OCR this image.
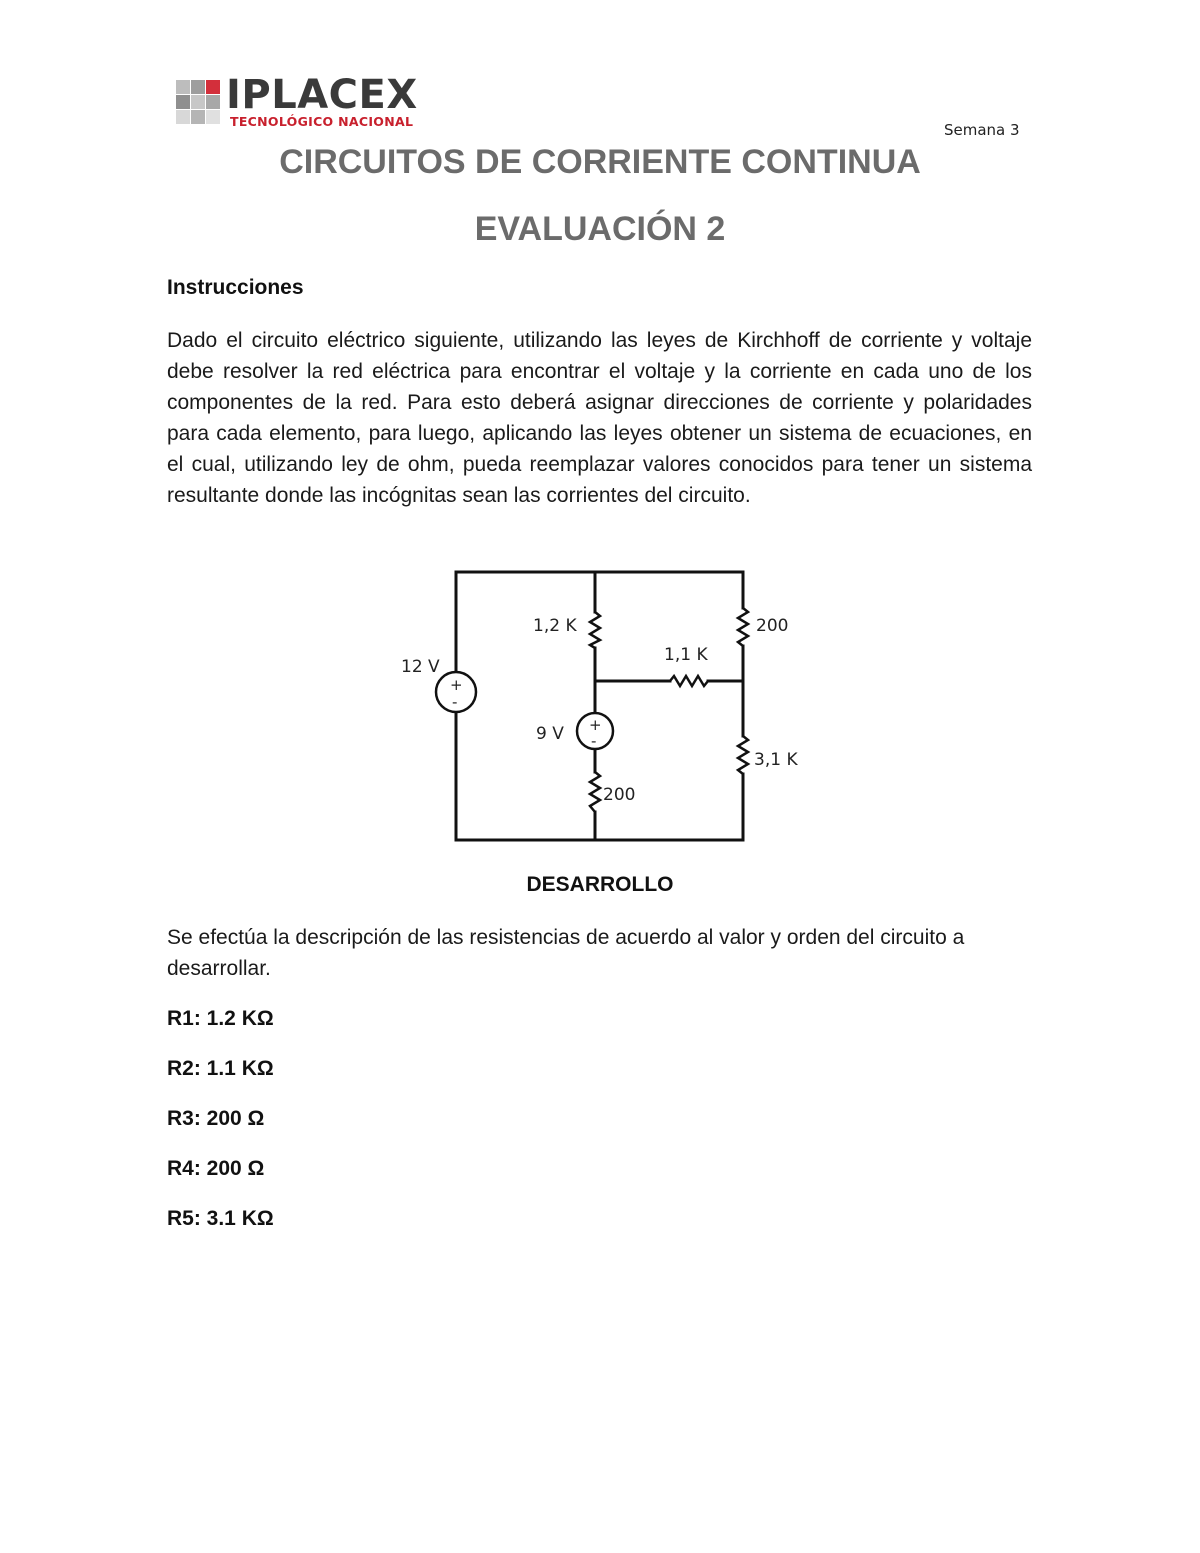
IPLACEX
TECNOLÓGICO NACIONAL	Semana 3
CIRCUITOS DE CORRIENTE CONTINUA
EVALUACIÓN 2
Instrucciones
Dado el circuito eléctrico siguiente, utilizando las leyes de Kirchhoff de corriente y voltaje debe resolver la red eléctrica para encontrar el voltaje y la corriente en cada uno de los componentes de la red. Para esto deberá asignar direcciones de corriente y polaridades para cada elemento, para luego, aplicando las leyes obtener un sistema de ecuaciones, en el cual, utilizando ley de ohm, pueda reemplazar valores conocidos para tener un sistema resultante donde las incógnitas sean las corrientes del circuito.
+
-
+
-
12 V
1,2 K	200
1,1 K
9 V
3,1 K
200
DESARROLLO
Se efectúa la descripción de las resistencias de acuerdo al valor y orden del circuito a desarrollar.
R1: 1.2 KΩ
R2: 1.1 KΩ
R3: 200 Ω
R4: 200 Ω
R5: 3.1 KΩ
